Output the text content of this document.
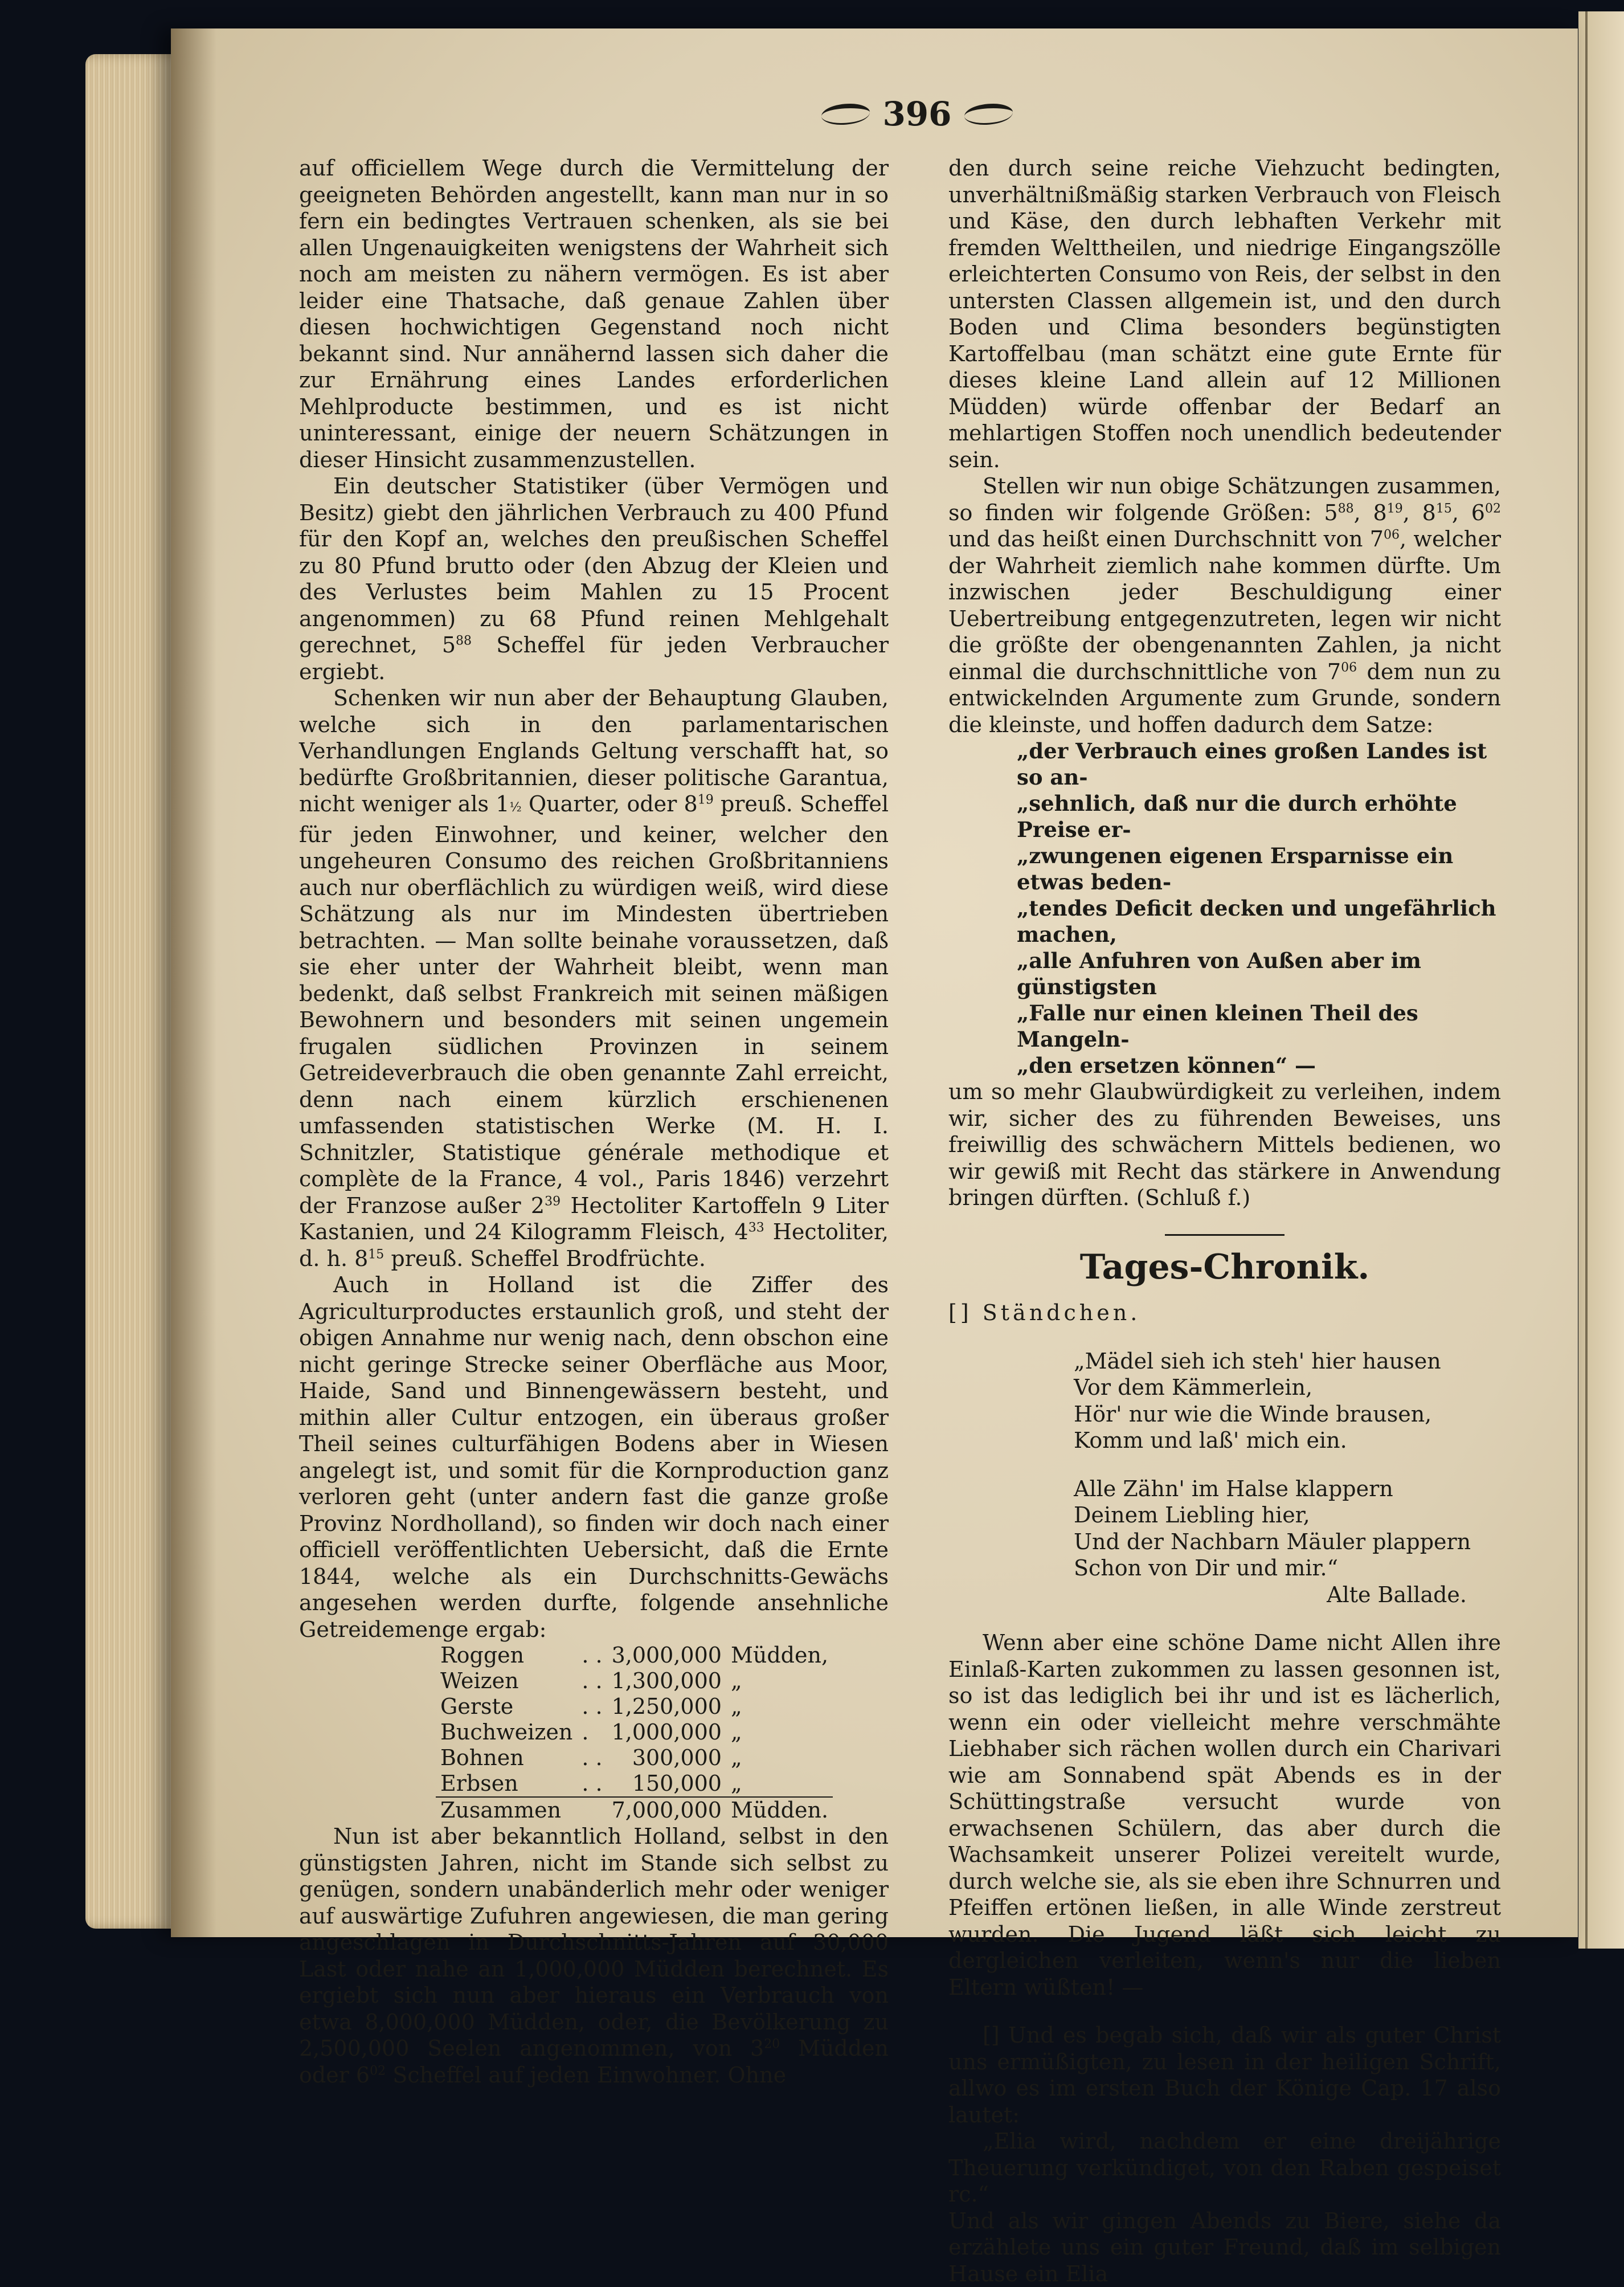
396

auf officiellem Wege durch die Vermittelung der geeigneten Behörden angestellt, kann man nur in so fern ein bedingtes Vertrauen schenken, als sie bei allen Ungenauigkeiten wenigstens der Wahrheit sich noch am meisten zu nähern vermögen. Es ist aber leider eine Thatsache, daß genaue Zahlen über diesen hochwichtigen Gegenstand noch nicht bekannt sind. Nur annähernd lassen sich daher die zur Ernährung eines Landes erforderlichen Mehlproducte bestimmen, und es ist nicht uninteressant, einige der neuern Schätzungen in dieser Hinsicht zusammenzustellen.

Ein deutscher Statistiker (über Vermögen und Besitz) giebt den jährlichen Verbrauch zu 400 Pfund für den Kopf an, welches den preußischen Scheffel zu 80 Pfund brutto oder (den Abzug der Kleien und des Verlustes beim Mahlen zu 15 Procent angenommen) zu 68 Pfund reinen Mehlgehalt gerechnet, $5^{88}$ Scheffel für jeden Verbraucher ergiebt.

Schenken wir nun aber der Behauptung Glauben, welche sich in den parlamentarischen Verhandlungen Englands Geltung verschafft hat, so bedürfte Großbritannien, dieser politische Garantua, nicht weniger als 1½ Quarter, oder $8^{19}$ preuß. Scheffel für jeden Einwohner, und keiner, welcher den ungeheuren Consumo des reichen Großbritanniens auch nur oberflächlich zu würdigen weiß, wird diese Schätzung als nur im Mindesten übertrieben betrachten. — Man sollte beinahe voraussetzen, daß sie eher unter der Wahrheit bleibt, wenn man bedenkt, daß selbst Frankreich mit seinen mäßigen Bewohnern und besonders mit seinen ungemein frugalen südlichen Provinzen in seinem Getreideverbrauch die oben genannte Zahl erreicht, denn nach einem kürzlich erschienenen umfassenden statistischen Werke (M. H. I. Schnitzler, Statistique générale methodique et complète de la France, 4 vol., Paris 1846) verzehrt der Franzose außer $2^{39}$ Hectoliter Kartoffeln 9 Liter Kastanien, und 24 Kilogramm Fleisch, $4^{33}$ Hectoliter, d. h. $8^{15}$ preuß. Scheffel Brodfrüchte.

Auch in Holland ist die Ziffer des Agriculturproductes erstaunlich groß, und steht der obigen Annahme nur wenig nach, denn obschon eine nicht geringe Strecke seiner Oberfläche aus Moor, Haide, Sand und Binnengewässern besteht, und mithin aller Cultur entzogen, ein überaus großer Theil seines culturfähigen Bodens aber in Wiesen angelegt ist, und somit für die Kornproduction ganz verloren geht (unter andern fast die ganze große Provinz Nordholland), so finden wir doch nach einer officiell veröffentlichten Uebersicht, daß die Ernte 1844, welche als ein Durchschnitts-Gewächs angesehen werden durfte, folgende ansehnliche Getreidemenge ergab:

Roggen	. .	3,000,000	Müdden,
Weizen	. .	1,300,000	„
Gerste	. .	1,250,000	„
Buchweizen	.	1,000,000	„
Bohnen	. .	300,000	„
Erbsen	. .	150,000	„
Zusammen		7,000,000	Müdden.

Nun ist aber bekanntlich Holland, selbst in den günstigsten Jahren, nicht im Stande sich selbst zu genügen, sondern unabänderlich mehr oder weniger auf auswärtige Zufuhren angewiesen, die man gering angeschlagen in Durchschnitts-Jahren auf 30,000 Last oder nahe an 1,000,000 Müdden berechnet. Es ergiebt sich nun aber hieraus ein Verbrauch von etwa 8,000,000 Müdden, oder, die Bevölkerung zu 2,500,000 Seelen angenommen, von $3^{20}$ Müdden oder $6^{02}$ Scheffel auf jeden Einwohner. Ohne

den durch seine reiche Viehzucht bedingten, unverhältnißmäßig starken Verbrauch von Fleisch und Käse, den durch lebhaften Verkehr mit fremden Welttheilen, und niedrige Eingangszölle erleichterten Consumo von Reis, der selbst in den untersten Classen allgemein ist, und den durch Boden und Clima besonders begünstigten Kartoffelbau (man schätzt eine gute Ernte für dieses kleine Land allein auf 12 Millionen Müdden) würde offenbar der Bedarf an mehlartigen Stoffen noch unendlich bedeutender sein.

Stellen wir nun obige Schätzungen zusammen, so finden wir folgende Größen: $5^{88}$, $8^{19}$, $8^{15}$, $6^{02}$ und das heißt einen Durchschnitt von $7^{06}$, welcher der Wahrheit ziemlich nahe kommen dürfte. Um inzwischen jeder Beschuldigung einer Uebertreibung entgegenzutreten, legen wir nicht die größte der obengenannten Zahlen, ja nicht einmal die durchschnittliche von $7^{06}$ dem nun zu entwickelnden Argumente zum Grunde, sondern die kleinste, und hoffen dadurch dem Satze:

„der Verbrauch eines großen Landes ist so an-
„sehnlich, daß nur die durch erhöhte Preise er-
„zwungenen eigenen Ersparnisse ein etwas beden-
„tendes Deficit decken und ungefährlich machen,
„alle Anfuhren von Außen aber im günstigsten
„Falle nur einen kleinen Theil des Mangeln-
„den ersetzen können“ —

um so mehr Glaubwürdigkeit zu verleihen, indem wir, sicher des zu führenden Beweises, uns freiwillig des schwächern Mittels bedienen, wo wir gewiß mit Recht das stärkere in Anwendung bringen dürften. (Schluß f.)

Tages-Chronik.

[] Ständchen.

„Mädel sieh ich steh' hier hausen
Vor dem Kämmerlein,
Hör' nur wie die Winde brausen,
Komm und laß' mich ein.
Alle Zähn' im Halse klappern
Deinem Liebling hier,
Und der Nachbarn Mäuler plappern
Schon von Dir und mir.“
Alte Ballade.

Wenn aber eine schöne Dame nicht Allen ihre Einlaß-Karten zukommen zu lassen gesonnen ist, so ist das lediglich bei ihr und ist es lächerlich, wenn ein oder vielleicht mehre verschmähte Liebhaber sich rächen wollen durch ein Charivari wie am Sonnabend spät Abends es in der Schüttingstraße versucht wurde von erwachsenen Schülern, das aber durch die Wachsamkeit unserer Polizei vereitelt wurde, durch welche sie, als sie eben ihre Schnurren und Pfeiffen ertönen ließen, in alle Winde zerstreut wurden. Die Jugend läßt sich leicht zu dergleichen verleiten, wenn's nur die lieben Eltern wüßten! —

[] Und es begab sich, daß wir als guter Christ uns ermüßigten, zu lesen in der heiligen Schrift, allwo es im ersten Buch der Könige Cap. 17 also lautet:

„Elia wird, nachdem er eine dreijährige Theuerung verkündiget, von den Raben gespeiset rc.“

Und als wir gingen Abends zu Biere, siehe da erzählete uns ein guter Freund, daß im selbigen Hause ein Elia
